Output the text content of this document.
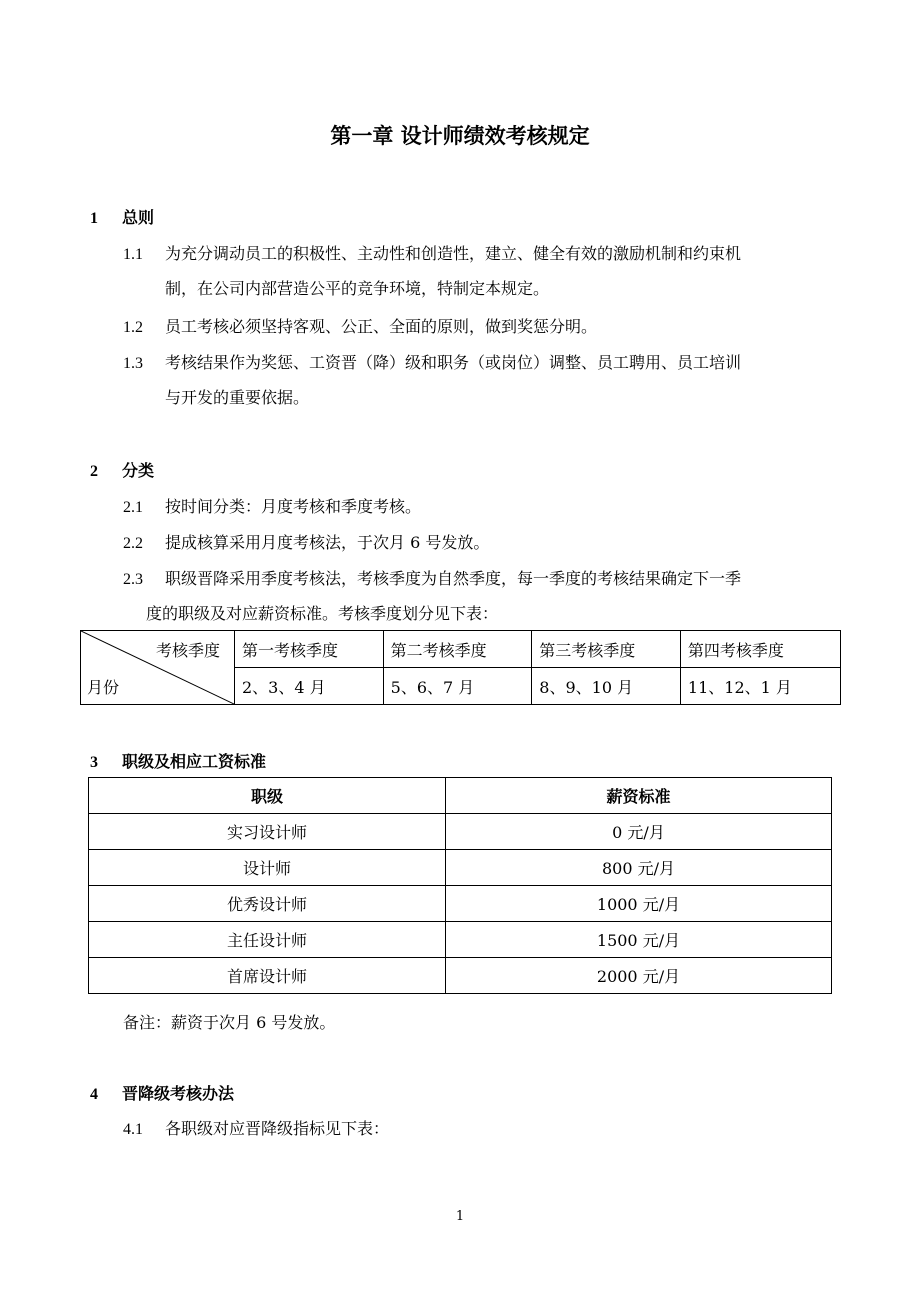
第一章 设计师绩效考核规定
1 总则
1.1 为充分调动员工的积极性、主动性和创造性，建立、健全有效的激励机制和约束机
制，在公司内部营造公平的竞争环境，特制定本规定。
1.2 员工考核必须坚持客观、公正、全面的原则，做到奖惩分明。
1.3 考核结果作为奖惩、工资晋（降）级和职务（或岗位）调整、员工聘用、员工培训
与开发的重要依据。
2 分类
2.1 按时间分类：月度考核和季度考核。
2.2 提成核算采用月度考核法，于次月 6 号发放。
2.3 职级晋降采用季度考核法，考核季度为自然季度，每一季度的考核结果确定下一季
度的职级及对应薪资标准。考核季度划分见下表：
考核季度
月份	第一考核季度	第二考核季度	第三考核季度	第四考核季度
	2、3、4 月	5、6、7 月	8、9、10 月	11、12、1 月
3 职级及相应工资标准
职级	薪资标准
实习设计师	0 元/月
设计师	800 元/月
优秀设计师	1000 元/月
主任设计师	1500 元/月
首席设计师	2000 元/月
备注：薪资于次月 6 号发放。
4 晋降级考核办法
4.1 各职级对应晋降级指标见下表：
1
